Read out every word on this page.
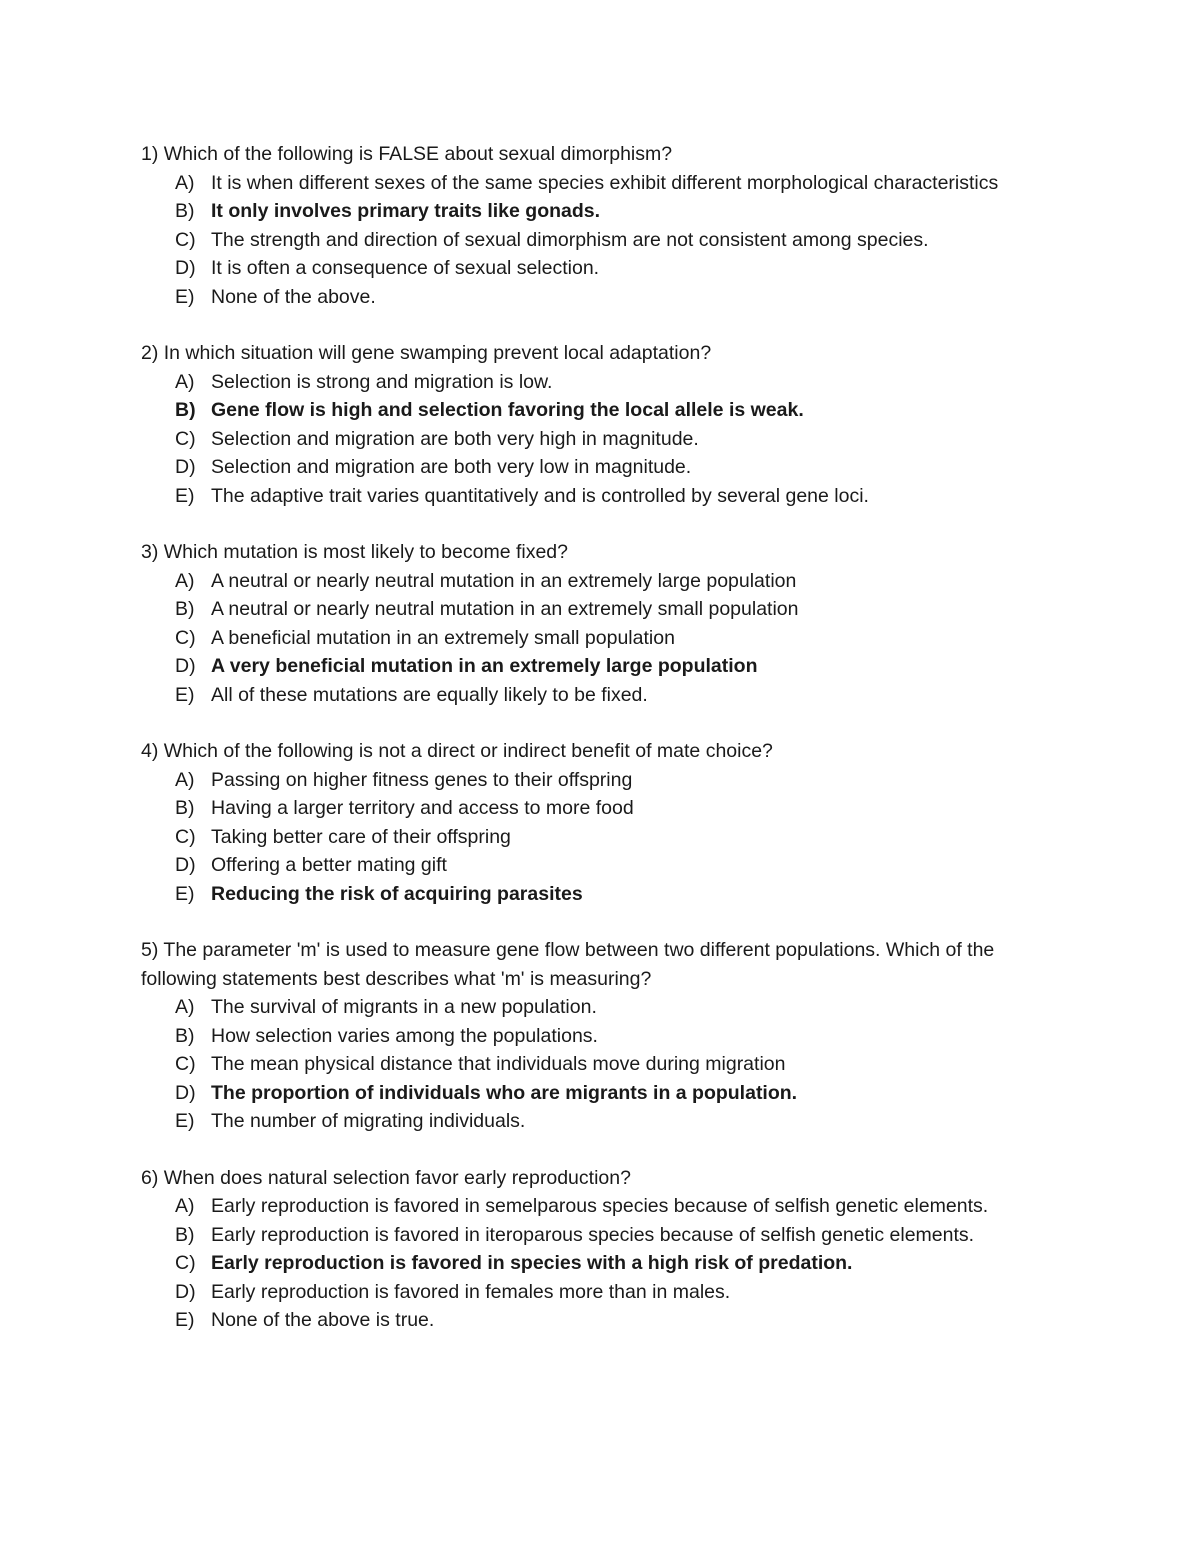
1) Which of the following is FALSE about sexual dimorphism?

A) It is when different sexes of the same species exhibit different morphological characteristics
B) It only involves primary traits like gonads.
C) The strength and direction of sexual dimorphism are not consistent among species.
D) It is often a consequence of sexual selection.
E) None of the above.

2) In which situation will gene swamping prevent local adaptation?

A) Selection is strong and migration is low.
B) Gene flow is high and selection favoring the local allele is weak.
C) Selection and migration are both very high in magnitude.
D) Selection and migration are both very low in magnitude.
E) The adaptive trait varies quantitatively and is controlled by several gene loci.

3) Which mutation is most likely to become fixed?

A) A neutral or nearly neutral mutation in an extremely large population
B) A neutral or nearly neutral mutation in an extremely small population
C) A beneficial mutation in an extremely small population
D) A very beneficial mutation in an extremely large population
E) All of these mutations are equally likely to be fixed.

4) Which of the following is not a direct or indirect benefit of mate choice?

A) Passing on higher fitness genes to their offspring
B) Having a larger territory and access to more food
C) Taking better care of their offspring
D) Offering a better mating gift
E) Reducing the risk of acquiring parasites

5) The parameter 'm' is used to measure gene flow between two different populations. Which of the following statements best describes what 'm' is measuring?

A) The survival of migrants in a new population.
B) How selection varies among the populations.
C) The mean physical distance that individuals move during migration
D) The proportion of individuals who are migrants in a population.
E) The number of migrating individuals.

6) When does natural selection favor early reproduction?

A) Early reproduction is favored in semelparous species because of selfish genetic elements.
B) Early reproduction is favored in iteroparous species because of selfish genetic elements.
C) Early reproduction is favored in species with a high risk of predation.
D) Early reproduction is favored in females more than in males.
E) None of the above is true.
